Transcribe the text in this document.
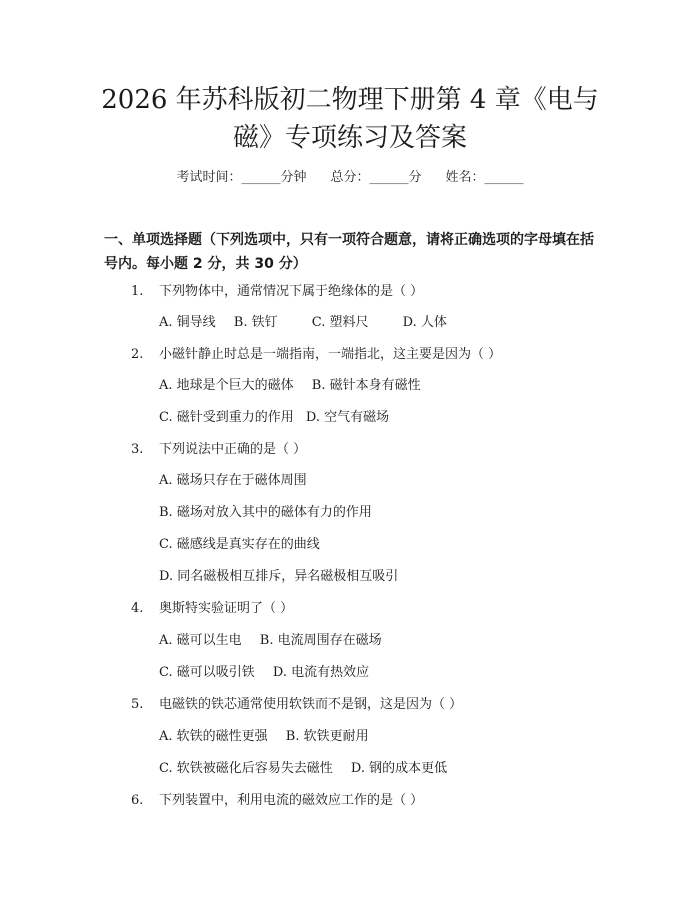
2026 年苏科版初二物理下册第 4 章《电与
磁》专项练习及答案
考试时间：______分钟 总分：______分 姓名：______
一、单项选择题（下列选项中，只有一项符合题意，请将正确选项的字母填在括号内。每小题 2 分，共 30 分）
1. 下列物体中，通常情况下属于绝缘体的是（ ）
A. 铜导线 B. 铁钉	C. 塑料尺	D. 人体
2. 小磁针静止时总是一端指南，一端指北，这主要是因为（ ）
A. 地球是个巨大的磁体 B. 磁针本身有磁性
C. 磁针受到重力的作用 D. 空气有磁场
3. 下列说法中正确的是（ ）
A. 磁场只存在于磁体周围
B. 磁场对放入其中的磁体有力的作用
C. 磁感线是真实存在的曲线
D. 同名磁极相互排斥，异名磁极相互吸引
4. 奥斯特实验证明了（ ）
A. 磁可以生电 B. 电流周围存在磁场
C. 磁可以吸引铁 D. 电流有热效应
5. 电磁铁的铁芯通常使用软铁而不是钢，这是因为（ ）
A. 软铁的磁性更强 B. 软铁更耐用
C. 软铁被磁化后容易失去磁性 D. 钢的成本更低
6. 下列装置中，利用电流的磁效应工作的是（ ）
